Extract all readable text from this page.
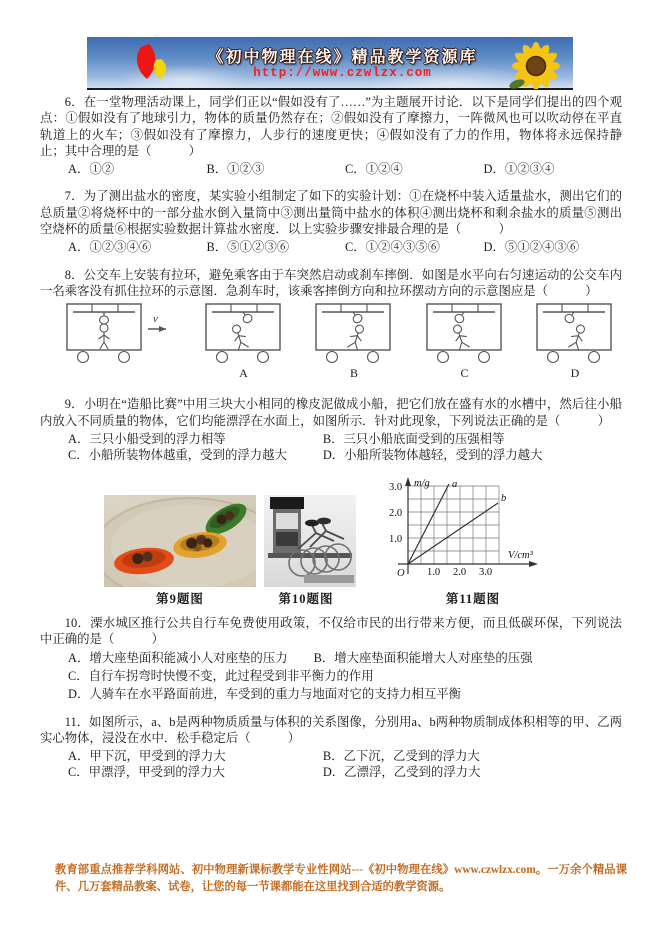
《初中物理在线》精品教学资源库
http://www.czwlzx.com

6．在一堂物理活动课上，同学们正以“假如没有了……”为主题展开讨论．以下是同学们提出的四个观点：①假如没有了地球引力，物体的质量仍然存在；②假如没有了摩擦力，一阵微风也可以吹动停在平直轨道上的火车；③假如没有了摩擦力，人步行的速度更快；④假如没有了力的作用，物体将永远保持静止；其中合理的是（　　　）

A．①②	B．①②③	C．①②④	D．①②③④

7．为了测出盐水的密度，某实验小组制定了如下的实验计划：①在烧杯中装入适量盐水，测出它们的总质量②将烧杯中的一部分盐水倒入量筒中③测出量筒中盐水的体积④测出烧杯和剩余盐水的质量⑤测出空烧杯的质量⑥根据实验数据计算盐水密度．以上实验步骤安排最合理的是（　　　）

A．①②③④⑥	B．⑤①②③⑥	C．①②④③⑤⑥	D．⑤①②④③⑥

8．公交车上安装有拉环，避免乘客由于车突然启动或刹车摔倒．如图是水平向右匀速运动的公交车内一名乘客没有抓住拉环的示意图．急刹车时，该乘客摔倒方向和拉环摆动方向的示意图应是（　　　）

v

A	B	C	D

9．小明在“造船比赛”中用三块大小相同的橡皮泥做成小船，把它们放在盛有水的水槽中，然后往小船内放入不同质量的物体，它们均能漂浮在水面上，如图所示．针对此现象，下列说法正确的是（　　　）

A．三只小船受到的浮力相等	B．三只小船底面受到的压强相等
C．小船所装物体越重，受到的浮力越大	D．小船所装物体越轻，受到的浮力越大
第9题图	第10题图
m/g
V/cm³
O
a
b
1.0
2.0
3.0
1.0 2.0 3.0
第11题图

10．溧水城区推行公共自行车免费使用政策，不仅给市民的出行带来方便，而且低碳环保，下列说法中正确的是（　　　）

A．增大座垫面积能减小人对座垫的压力 B．增大座垫面积能增大人对座垫的压强
C．自行车拐弯时快慢不变，此过程受到非平衡力的作用
D．人骑车在水平路面前进，车受到的重力与地面对它的支持力相互平衡

11．如图所示，a、b是两种物质质量与体积的关系图像，分别用a、b两种物质制成体积相等的甲、乙两实心物体，浸没在水中．松手稳定后（　　　）

A．甲下沉，甲受到的浮力大	B．乙下沉，乙受到的浮力大
C．甲漂浮，甲受到的浮力大	D．乙漂浮，乙受到的浮力大
教育部重点推荐学科网站、初中物理新课标教学专业性网站---《初中物理在线》www.czwlzx.com。一万余个精品课件、几万套精品教案、试卷，让您的每一节课都能在这里找到合适的教学资源。
